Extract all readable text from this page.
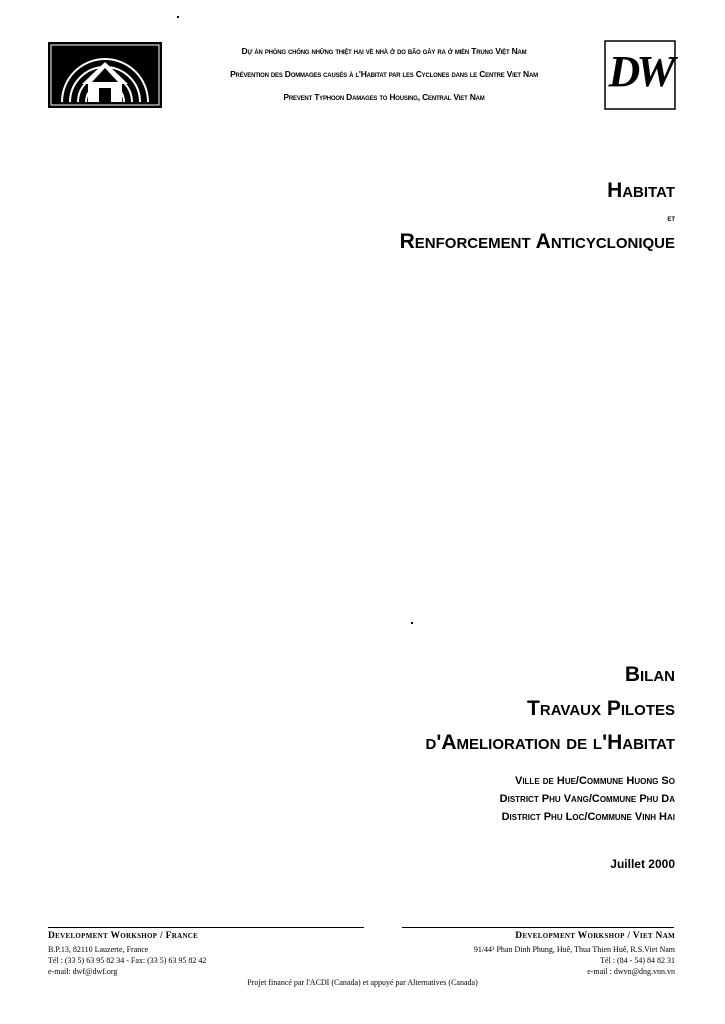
Dự án phòng chống những thiệt hại về nhà ở do bão gây ra ở miền Trung Việt Nam
Prévention des Dommages causés à l'Habitat par les Cyclones dans le Centre Viet Nam
Prevent Typhoon Damages to Housing, Central Viet Nam
DW
Habitat
et
Renforcement Anticyclonique
Bilan
Travaux Pilotes
d'Amelioration de l'Habitat
Ville de Hue/Commune Huong So
District Phu Vang/Commune Phu Da
District Phu Loc/Commune Vinh Hai
Juillet 2000
Development Workshop / France
B.P.13, 82110 Lauzerte, France
Tél : (33 5) 63 95 82 34 - Fax: (33 5) 63 95 82 42
e-mail: dwf@dwf.org
Development Workshop / Viet Nam
91/44³ Phan Dinh Phung, Huê, Thua Thien Huê, R.S.Viet Nam
Tél : (84 - 54) 84 82 31
e-mail : dwvn@dng.vnn.vn
Projet financé par l'ACDI (Canada) et appuyé par Alternatives (Canada)
